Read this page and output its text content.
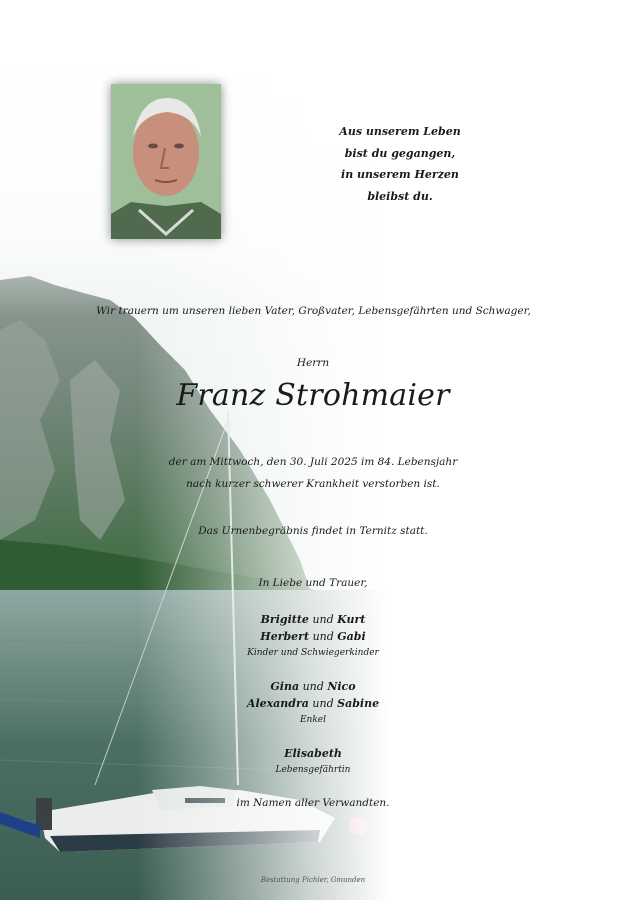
Aus unserem Leben
bist du gegangen,
in unserem Herzen
bleibst du.
Wir trauern um unseren lieben Vater, Großvater, Lebensgefährten und Schwager,
Herrn
Franz Strohmaier
der am Mittwoch, den 30. Juli 2025 im 84. Lebensjahr
nach kurzer schwerer Krankheit verstorben ist.
Das Urnenbegräbnis findet in Ternitz statt.
In Liebe und Trauer,
Brigitte und Kurt
Herbert und Gabi
Kinder und Schwiegerkinder
Gina und Nico
Alexandra und Sabine
Enkel
Elisabeth
Lebensgefährtin
im Namen aller Verwandten.
Bestattung Pichler, Gmunden
